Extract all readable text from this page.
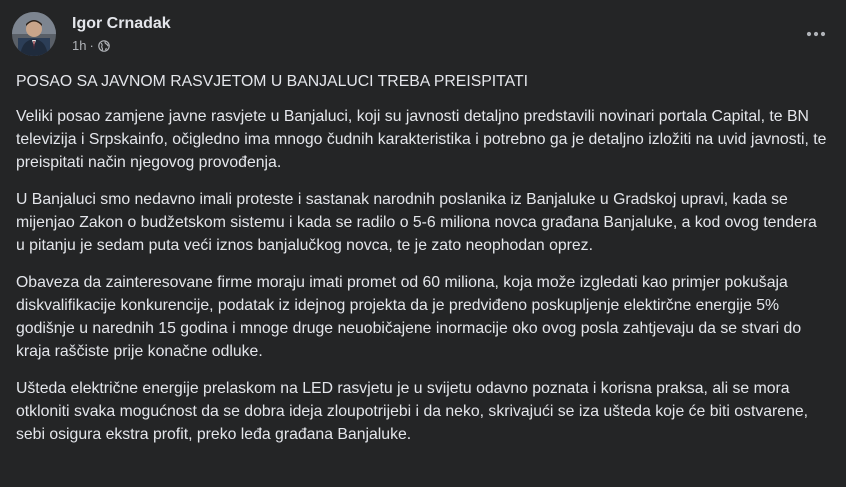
Igor Crnadak
1h ·

POSAO SA JAVNOM RASVJETOM U BANJALUCI TREBA PREISPITATI

Veliki posao zamjene javne rasvjete u Banjaluci, koji su javnosti detaljno predstavili novinari portala Capital, te BN televizija i Srpskainfo, očigledno ima mnogo čudnih karakteristika i potrebno ga je detaljno izložiti na uvid javnosti, te preispitati način njegovog provođenja.

U Banjaluci smo nedavno imali proteste i sastanak narodnih poslanika iz Banjaluke u Gradskoj upravi, kada se mijenjao Zakon o budžetskom sistemu i kada se radilo o 5-6 miliona novca građana Banjaluke, a kod ovog tendera u pitanju je sedam puta veći iznos banjalučkog novca, te je zato neophodan oprez.

Obaveza da zainteresovane firme moraju imati promet od 60 miliona, koja može izgledati kao primjer pokušaja diskvalifikacije konkurencije, podatak iz idejnog projekta da je predviđeno poskupljenje elektirčne energije 5% godišnje u narednih 15 godina i mnoge druge neuobičajene inormacije oko ovog posla zahtjevaju da se stvari do kraja raščiste prije konačne odluke.

Ušteda električne energije prelaskom na LED rasvjetu je u svijetu odavno poznata i korisna praksa, ali se mora otkloniti svaka mogućnost da se dobra ideja zloupotrijebi i da neko, skrivajući se iza ušteda koje će biti ostvarene, sebi osigura ekstra profit, preko leđa građana Banjaluke.
